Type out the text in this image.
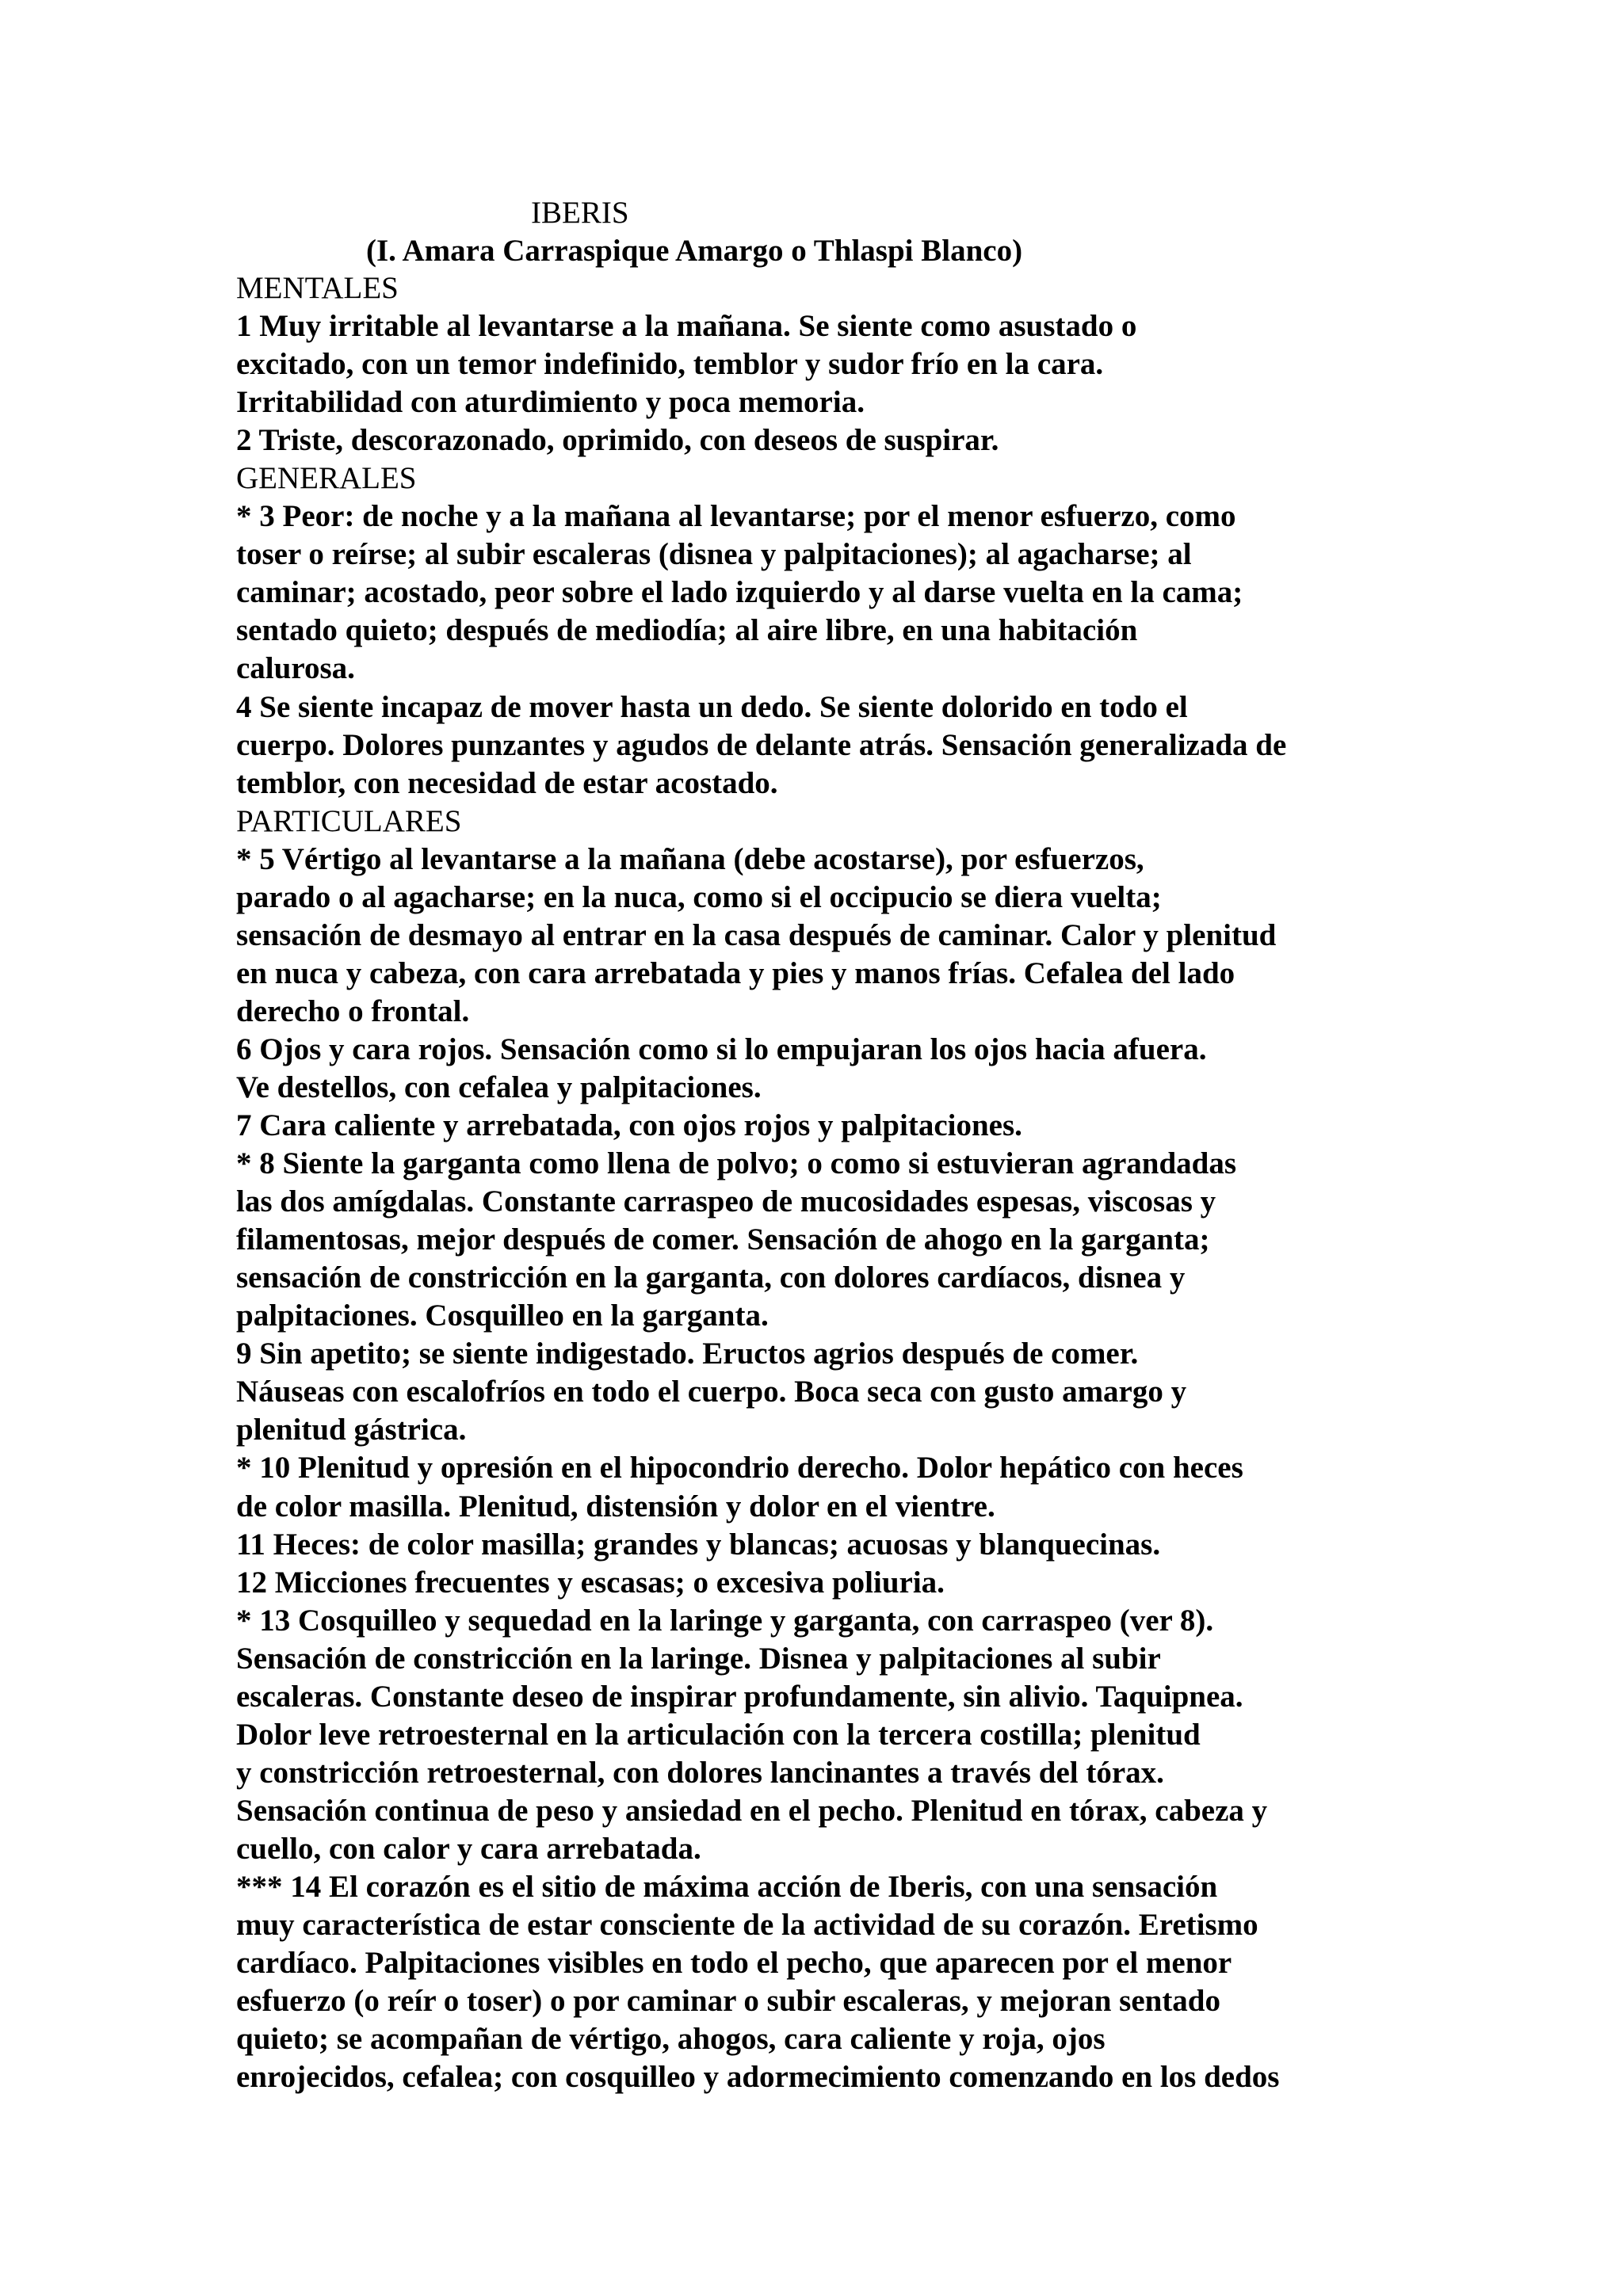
IBERIS
(I. Amara Carraspique Amargo o Thlaspi Blanco)
MENTALES
1 Muy irritable al levantarse a la mañana. Se siente como asustado o
excitado, con un temor indefinido, temblor y sudor frío en la cara.
Irritabilidad con aturdimiento y poca memoria.
2 Triste, descorazonado, oprimido, con deseos de suspirar.
GENERALES
* 3 Peor: de noche y a la mañana al levantarse; por el menor esfuerzo, como
toser o reírse; al subir escaleras (disnea y palpitaciones); al agacharse; al
caminar; acostado, peor sobre el lado izquierdo y al darse vuelta en la cama;
sentado quieto; después de mediodía; al aire libre, en una habitación
calurosa.
4 Se siente incapaz de mover hasta un dedo. Se siente dolorido en todo el
cuerpo. Dolores punzantes y agudos de delante atrás. Sensación generalizada de
temblor, con necesidad de estar acostado.
PARTICULARES
* 5 Vértigo al levantarse a la mañana (debe acostarse), por esfuerzos,
parado o al agacharse; en la nuca, como si el occipucio se diera vuelta;
sensación de desmayo al entrar en la casa después de caminar. Calor y plenitud
en nuca y cabeza, con cara arrebatada y pies y manos frías. Cefalea del lado
derecho o frontal.
6 Ojos y cara rojos. Sensación como si lo empujaran los ojos hacia afuera.
Ve destellos, con cefalea y palpitaciones.
7 Cara caliente y arrebatada, con ojos rojos y palpitaciones.
* 8 Siente la garganta como llena de polvo; o como si estuvieran agrandadas
las dos amígdalas. Constante carraspeo de mucosidades espesas, viscosas y
filamentosas, mejor después de comer. Sensación de ahogo en la garganta;
sensación de constricción en la garganta, con dolores cardíacos, disnea y
palpitaciones. Cosquilleo en la garganta.
9 Sin apetito; se siente indigestado. Eructos agrios después de comer.
Náuseas con escalofríos en todo el cuerpo. Boca seca con gusto amargo y
plenitud gástrica.
* 10 Plenitud y opresión en el hipocondrio derecho. Dolor hepático con heces
de color masilla. Plenitud, distensión y dolor en el vientre.
11 Heces: de color masilla; grandes y blancas; acuosas y blanquecinas.
12 Micciones frecuentes y escasas; o excesiva poliuria.
* 13 Cosquilleo y sequedad en la laringe y garganta, con carraspeo (ver 8).
Sensación de constricción en la laringe. Disnea y palpitaciones al subir
escaleras. Constante deseo de inspirar profundamente, sin alivio. Taquipnea.
Dolor leve retroesternal en la articulación con la tercera costilla; plenitud
y constricción retroesternal, con dolores lancinantes a través del tórax.
Sensación continua de peso y ansiedad en el pecho. Plenitud en tórax, cabeza y
cuello, con calor y cara arrebatada.
*** 14 El corazón es el sitio de máxima acción de Iberis, con una sensación
muy característica de estar consciente de la actividad de su corazón. Eretismo
cardíaco. Palpitaciones visibles en todo el pecho, que aparecen por el menor
esfuerzo (o reír o toser) o por caminar o subir escaleras, y mejoran sentado
quieto; se acompañan de vértigo, ahogos, cara caliente y roja, ojos
enrojecidos, cefalea; con cosquilleo y adormecimiento comenzando en los dedos
